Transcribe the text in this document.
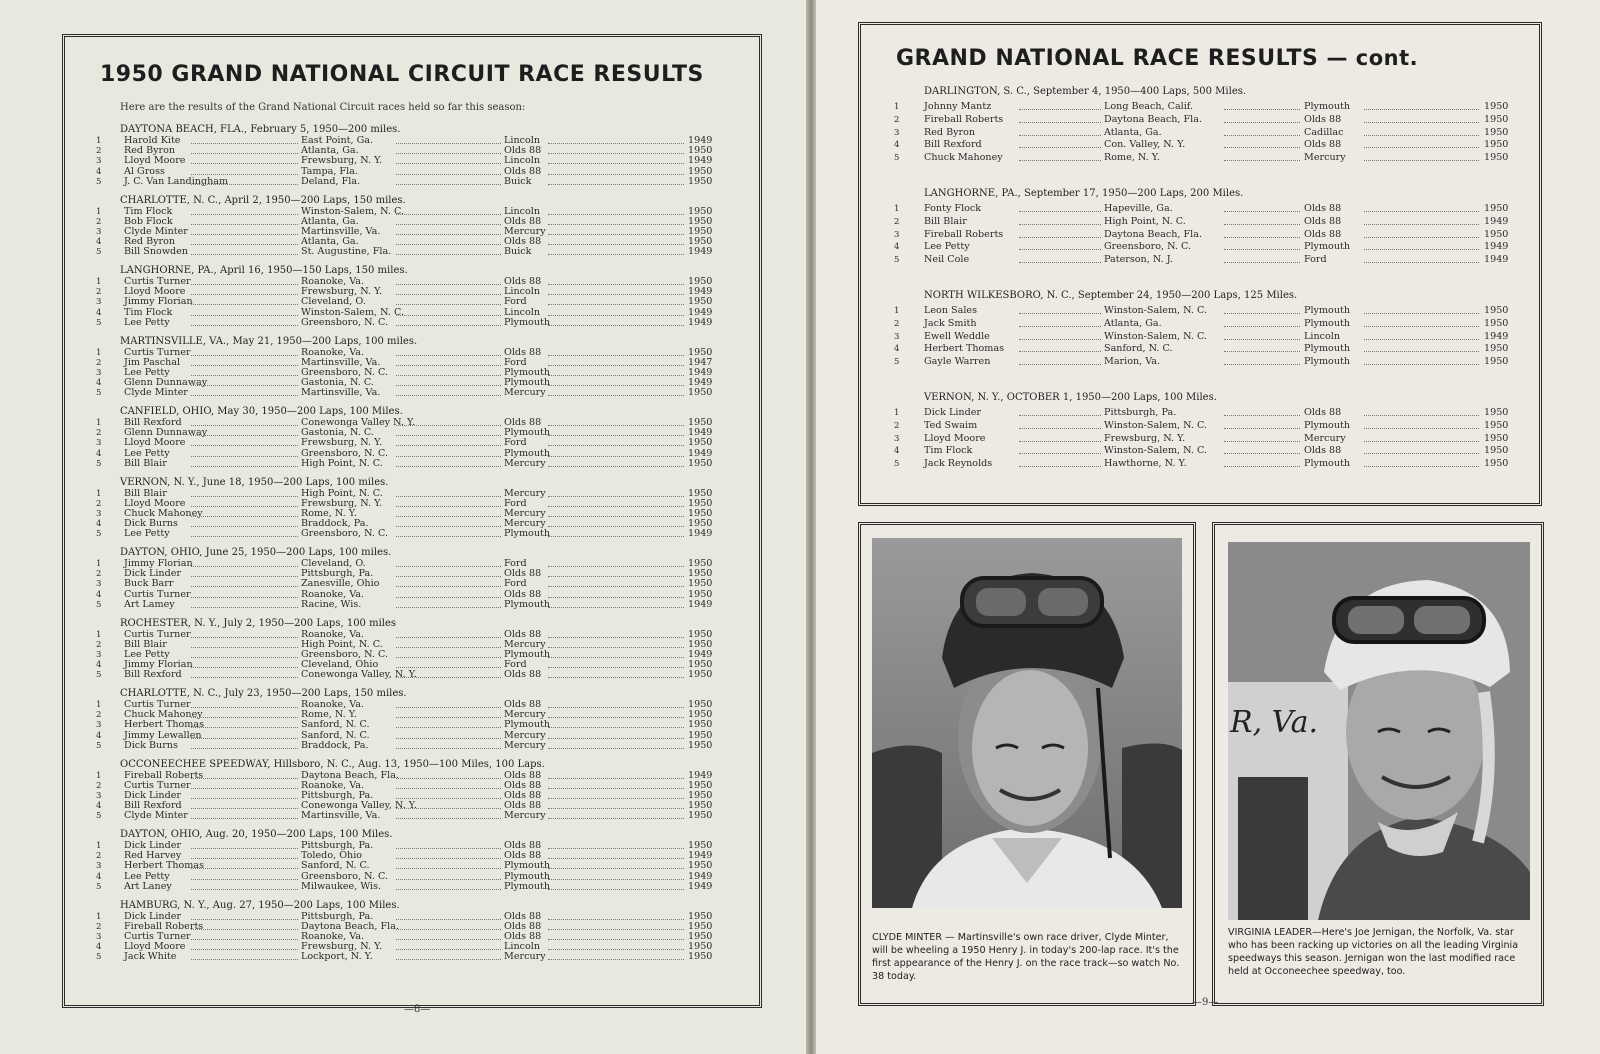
1950 GRAND NATIONAL CIRCUIT RACE RESULTS
Here are the results of the Grand National Circuit races held so far this season:
GRAND NATIONAL RACE RESULTS — cont.
DAYTONA BEACH, FLA., February 5, 1950—200 miles.
1 Harold Kite	East Point, Ga.	Lincoln	1949
2 Red Byron	Atlanta, Ga.	Olds 88	1950
3 Lloyd Moore	Frewsburg, N. Y.	Lincoln	1949
4 Al Gross	Tampa, Fla.	Olds 88	1950
5 J. C. Van Landingham	Deland, Fla.	Buick	1950
CHARLOTTE, N. C., April 2, 1950—200 Laps, 150 miles.
1 Tim Flock	Winston-Salem, N. C.	Lincoln	1950
2 Bob Flock	Atlanta, Ga.	Olds 88	1950
3 Clyde Minter	Martinsville, Va.	Mercury	1950
4 Red Byron	Atlanta, Ga.	Olds 88	1950
5 Bill Snowden	St. Augustine, Fla.	Buick	1949
LANGHORNE, PA., April 16, 1950—150 Laps, 150 miles.
1 Curtis Turner	Roanoke, Va.	Olds 88	1950
2 Lloyd Moore	Frewsburg, N. Y.	Lincoln	1949
3 Jimmy Florian	Cleveland, O.	Ford	1950
4 Tim Flock	Winston-Salem, N. C.	Lincoln	1949
5 Lee Petty	Greensboro, N. C.	Plymouth	1949
MARTINSVILLE, VA., May 21, 1950—200 Laps, 100 miles.
1 Curtis Turner	Roanoke, Va.	Olds 88	1950
2 Jim Paschal	Martinsville, Va.	Ford	1947
3 Lee Petty	Greensboro, N. C.	Plymouth	1949
4 Glenn Dunnaway	Gastonia, N. C.	Plymouth	1949
5 Clyde Minter	Martinsville, Va.	Mercury	1950
CANFIELD, OHIO, May 30, 1950—200 Laps, 100 Miles.
1 Bill Rexford	Conewonga Valley N. Y.	Olds 88	1950
2 Glenn Dunnaway	Gastonia, N. C.	Plymouth	1949
3 Lloyd Moore	Frewsburg, N. Y.	Ford	1950
4 Lee Petty	Greensboro, N. C.	Plymouth	1949
5 Bill Blair	High Point, N. C.	Mercury	1950
VERNON, N. Y., June 18, 1950—200 Laps, 100 miles.
1 Bill Blair	High Point, N. C.	Mercury	1950
2 Lloyd Moore	Frewsburg, N. Y.	Ford	1950
3 Chuck Mahoney	Rome, N. Y.	Mercury	1950
4 Dick Burns	Braddock, Pa.	Mercury	1950
5 Lee Petty	Greensboro, N. C.	Plymouth	1949
DAYTON, OHIO, June 25, 1950—200 Laps, 100 miles.
1 Jimmy Florian	Cleveland, O.	Ford	1950
2 Dick Linder	Pittsburgh, Pa.	Olds 88	1950
3 Buck Barr	Zanesville, Ohio	Ford	1950
4 Curtis Turner	Roanoke, Va.	Olds 88	1950
5 Art Lamey	Racine, Wis.	Plymouth	1949
ROCHESTER, N. Y., July 2, 1950—200 Laps, 100 miles
1 Curtis Turner	Roanoke, Va.	Olds 88	1950
2 Bill Blair	High Point, N. C.	Mercury	1950
3 Lee Petty	Greensboro, N. C.	Plymouth	1949
4 Jimmy Florian	Cleveland, Ohio	Ford	1950
5 Bill Rexford	Conewonga Valley, N. Y.	Olds 88	1950
CHARLOTTE, N. C., July 23, 1950—200 Laps, 150 miles.
1 Curtis Turner	Roanoke, Va.	Olds 88	1950
2 Chuck Mahoney	Rome, N. Y.	Mercury	1950
3 Herbert Thomas	Sanford, N. C.	Plymouth	1950
4 Jimmy Lewallen	Sanford, N. C.	Mercury	1950
5 Dick Burns	Braddock, Pa.	Mercury	1950
OCCONEECHEE SPEEDWAY, Hillsboro, N. C., Aug. 13, 1950—100 Miles, 100 Laps.
1 Fireball Roberts	Daytona Beach, Fla.	Olds 88	1949
2 Curtis Turner	Roanoke, Va.	Olds 88	1950
3 Dick Linder	Pittsburgh, Pa.	Olds 88	1950
4 Bill Rexford	Conewonga Valley, N. Y.	Olds 88	1950
5 Clyde Minter	Martinsville, Va.	Mercury	1950
DAYTON, OHIO, Aug. 20, 1950—200 Laps, 100 Miles.
1 Dick Linder	Pittsburgh, Pa.	Olds 88	1950
2 Red Harvey	Toledo, Ohio	Olds 88	1949
3 Herbert Thomas	Sanford, N. C.	Plymouth	1950
4 Lee Petty	Greensboro, N. C.	Plymouth	1949
5 Art Laney	Milwaukee, Wis.	Plymouth	1949
HAMBURG, N. Y., Aug. 27, 1950—200 Laps, 100 Miles.
1 Dick Linder	Pittsburgh, Pa.	Olds 88	1950
2 Fireball Roberts	Daytona Beach, Fla.	Olds 88	1950
3 Curtis Turner	Roanoke, Va.	Olds 88	1950
4 Lloyd Moore	Frewsburg, N. Y.	Lincoln	1950
5 Jack White	Lockport, N. Y.	Mercury	1950
DARLINGTON, S. C., September 4, 1950—400 Laps, 500 Miles.
1	Johnny Mantz	Long Beach, Calif.	Plymouth	1950
2	Fireball Roberts	Daytona Beach, Fla.	Olds 88	1950
3	Red Byron	Atlanta, Ga.	Cadillac	1950
4	Bill Rexford	Con. Valley, N. Y.	Olds 88	1950
5	Chuck Mahoney	Rome, N. Y.	Mercury	1950
LANGHORNE, PA., September 17, 1950—200 Laps, 200 Miles.
1	Fonty Flock	Hapeville, Ga.	Olds 88	1950
2	Bill Blair	High Point, N. C.	Olds 88	1949
3	Fireball Roberts	Daytona Beach, Fla.	Olds 88	1950
4	Lee Petty	Greensboro, N. C.	Plymouth	1949
5	Neil Cole	Paterson, N. J.	Ford	1949
NORTH WILKESBORO, N. C., September 24, 1950—200 Laps, 125 Miles.
1	Leon Sales	Winston-Salem, N. C.	Plymouth	1950
2	Jack Smith	Atlanta, Ga.	Plymouth	1950
3	Ewell Weddle	Winston-Salem, N. C.	Lincoln	1949
4	Herbert Thomas	Sanford, N. C.	Plymouth	1950
5	Gayle Warren	Marion, Va.	Plymouth	1950
VERNON, N. Y., OCTOBER 1, 1950—200 Laps, 100 Miles.
1	Dick Linder	Pittsburgh, Pa.	Olds 88	1950
2	Ted Swaim	Winston-Salem, N. C.	Plymouth	1950
3	Lloyd Moore	Frewsburg, N. Y.	Mercury	1950
4	Tim Flock	Winston-Salem, N. C.	Olds 88	1950
5	Jack Reynolds	Hawthorne, N. Y.	Plymouth	1950
CLYDE MINTER — Martinsville's own race driver, Clyde Minter, will be wheeling a 1950 Henry J. in today's 200-lap race. It's the first appearance of the Henry J. on the race track—so watch No. 38 today.
R, Va.
VIRGINIA LEADER—Here's Joe Jernigan, the Norfolk, Va. star who has been racking up victories on all the leading Virginia speedways this season. Jernigan won the last modified race held at Occoneechee speedway, too.
—8—
—9—
